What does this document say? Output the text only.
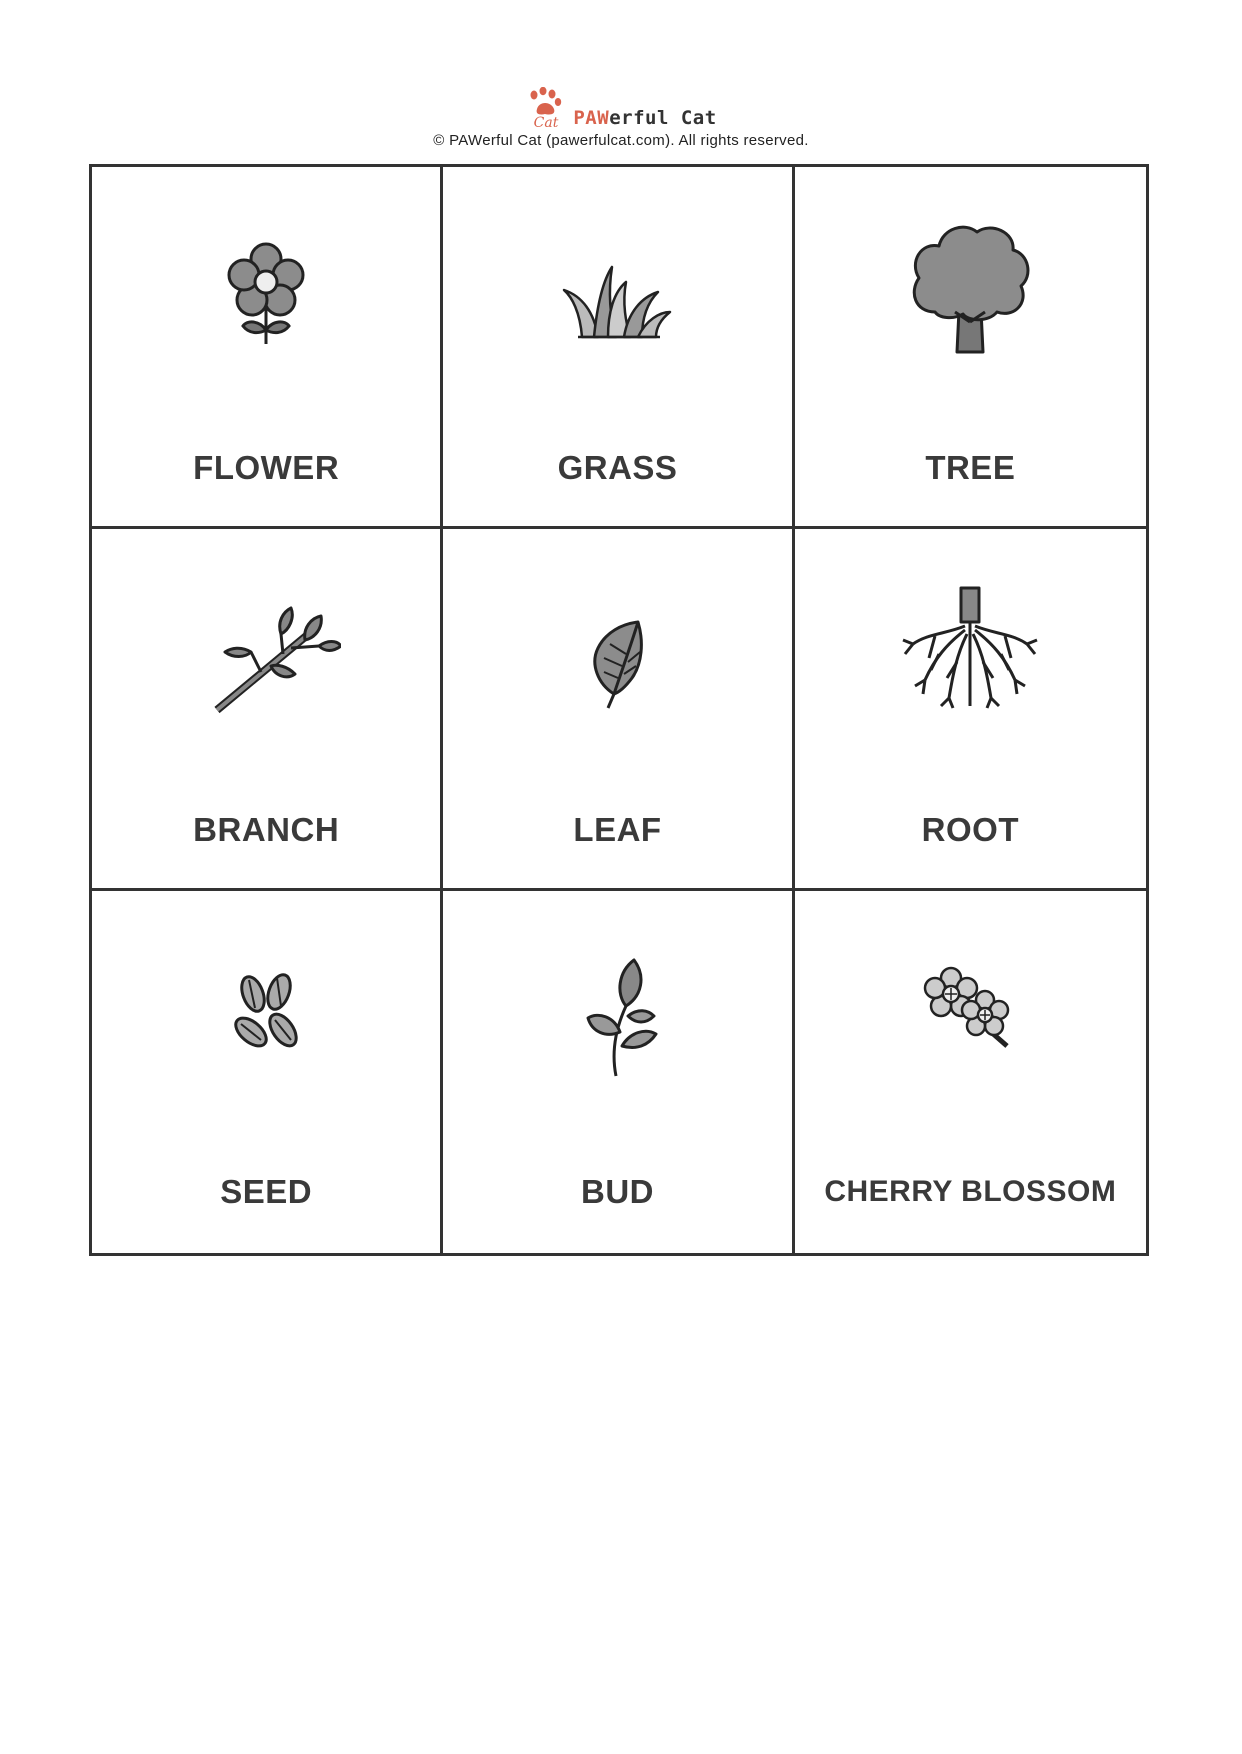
Cat PAWerful Cat
© PAWerful Cat (pawerfulcat.com). All rights reserved.
FLOWER	GRASS	TREE
BRANCH	LEAF	ROOT
SEED	BUD	CHERRY BLOSSOM
